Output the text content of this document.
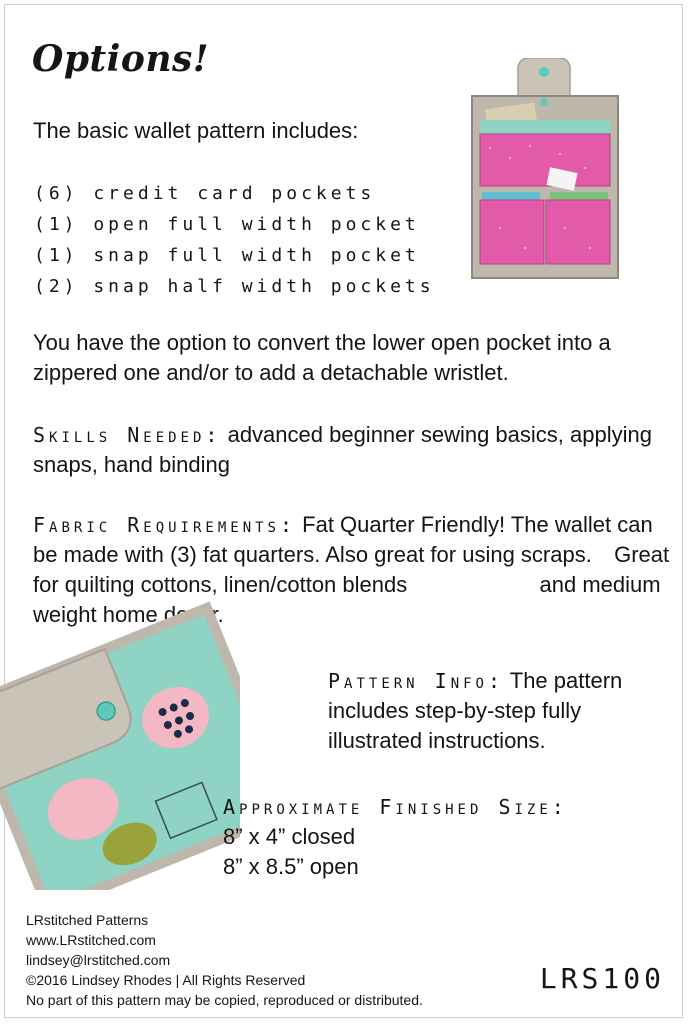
Options!
The basic wallet pattern includes:
(6) credit card pockets
(1) open full width pocket
(1) snap full width pocket
(2) snap half width pockets
You have the option to convert the lower open pocket into a zippered one and/or to add a detachable wristlet.
Skills Needed: advanced beginner sewing basics, applying snaps, hand binding
Fabric Requirements: Fat Quarter Friendly! The wallet can be made with (3) fat quarters. Also great for using scraps. Great for quilting cottons, linen/cotton blends	and medium weight home decor.
Pattern Info: The pattern includes step-by-step fully illustrated instructions.
Approximate Finished Size:
8” x 4” closed
8” x 8.5” open
LRstitched Patterns
www.LRstitched.com
lindsey@lrstitched.com
©2016 Lindsey Rhodes | All Rights Reserved
No part of this pattern may be copied, reproduced or distributed.
LRS100
